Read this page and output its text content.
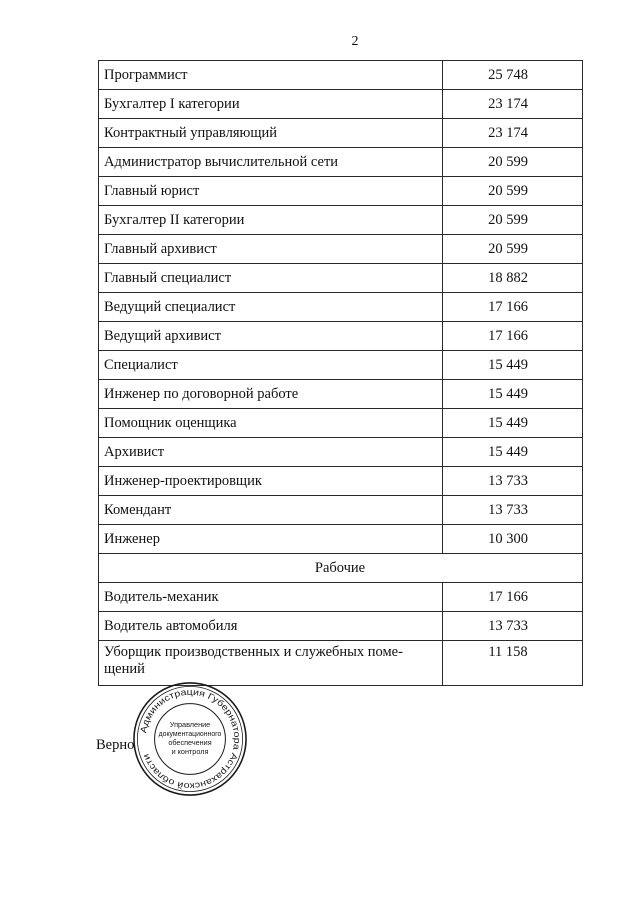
2
Программист	25 748
Бухгалтер I категории	23 174
Контрактный управляющий	23 174
Администратор вычислительной сети	20 599
Главный юрист	20 599
Бухгалтер II категории	20 599
Главный архивист	20 599
Главный специалист	18 882
Ведущий специалист	17 166
Ведущий архивист	17 166
Специалист	15 449
Инженер по договорной работе	15 449
Помощник оценщика	15 449
Архивист	15 449
Инженер-проектировщик	13 733
Комендант	13 733
Инженер	10 300
Рабочие	
Водитель-механик	17 166
Водитель автомобиля	13 733
Уборщик производственных и служебных поме-щений	11 158
Верно
Администрация Губернатора Астраханской области
Управление
документационного
обеспечения
и контроля
